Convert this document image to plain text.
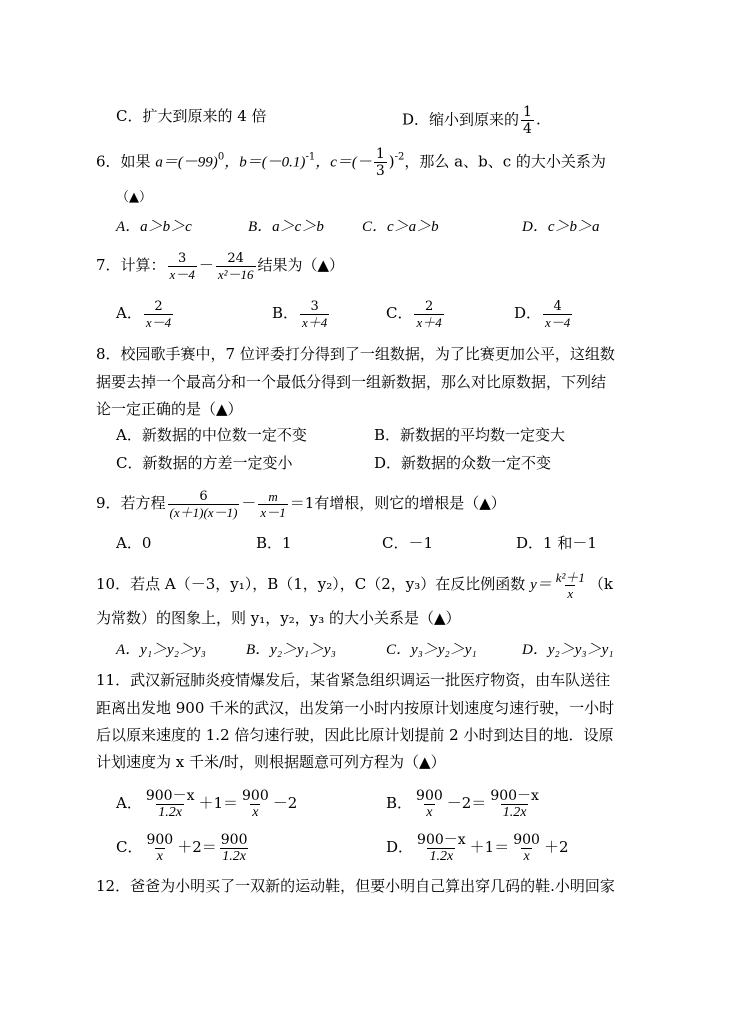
C．扩大到原来的 4 倍	D．缩小到原来的 $\frac{1}{4}$ .
6．如果 $a=(-99)^0$，$b=(-0.1)^{-1}$，$c=(- \frac{1}{3} )^{-2}$，那么 a、b、c 的大小关系为
（▲）
A．a＞b＞c	B．a＞c＞b	C．c＞a＞b	D．c＞b＞a
7．计算： $\frac{3}{x-4} - \frac{24}{\text{x²－16}}$ 结果为（▲）
A． $\frac{2}{x-4}$	B． $\frac{3}{x+4}$	C． $\frac{2}{x+4}$	D． $\frac{4}{x-4}$
8．校园歌手赛中，7 位评委打分得到了一组数据，为了比赛更加公平，这组数
据要去掉一个最高分和一个最低分得到一组新数据，那么对比原数据，下列结
论一定正确的是（▲）
A．新数据的中位数一定不变	B．新数据的平均数一定变大
C．新数据的方差一定变小	D．新数据的众数一定不变
9．若方程 $\frac{6}{(x+1)(x-1)} - \frac{m}{x-1} =1$有增根，则它的增根是（▲）
A．0	B．1	C．－1	D．1 和－1
10．若点 A（－3，y₁），B（1，y₂），C（2，y₃）在反比例函数 $y= \frac{\text{k²＋1}}{x} (k$
为常数）的图象上，则 y₁，y₂，y₃ 的大小关系是（▲）
A．y₁＞y₂＞y₃	B．y₂＞y₁＞y₃	C．y₃＞y₂＞y₁	D．y₂＞y₃＞y₁
11．武汉新冠肺炎疫情爆发后，某省紧急组织调运一批医疗物资，由车队送往
距离出发地 900 千米的武汉，出发第一小时内按原计划速度匀速行驶，一小时
后以原来速度的 1.2 倍匀速行驶，因此比原计划提前 2 小时到达目的地．设原
计划速度为 x 千米/时，则根据题意可列方程为（▲）
A． $\frac{900-x}{1.2x} +1= \frac{900}{x} -2$	B． $\frac{900}{x} -2= \frac{900-x}{1.2x}$
C． $\frac{900}{x} +2= \frac{900}{1.2x}$	D． $\frac{900-x}{1.2x} +1= \frac{900}{x} +2$
12．爸爸为小明买了一双新的运动鞋，但要小明自己算出穿几码的鞋.小明回家
